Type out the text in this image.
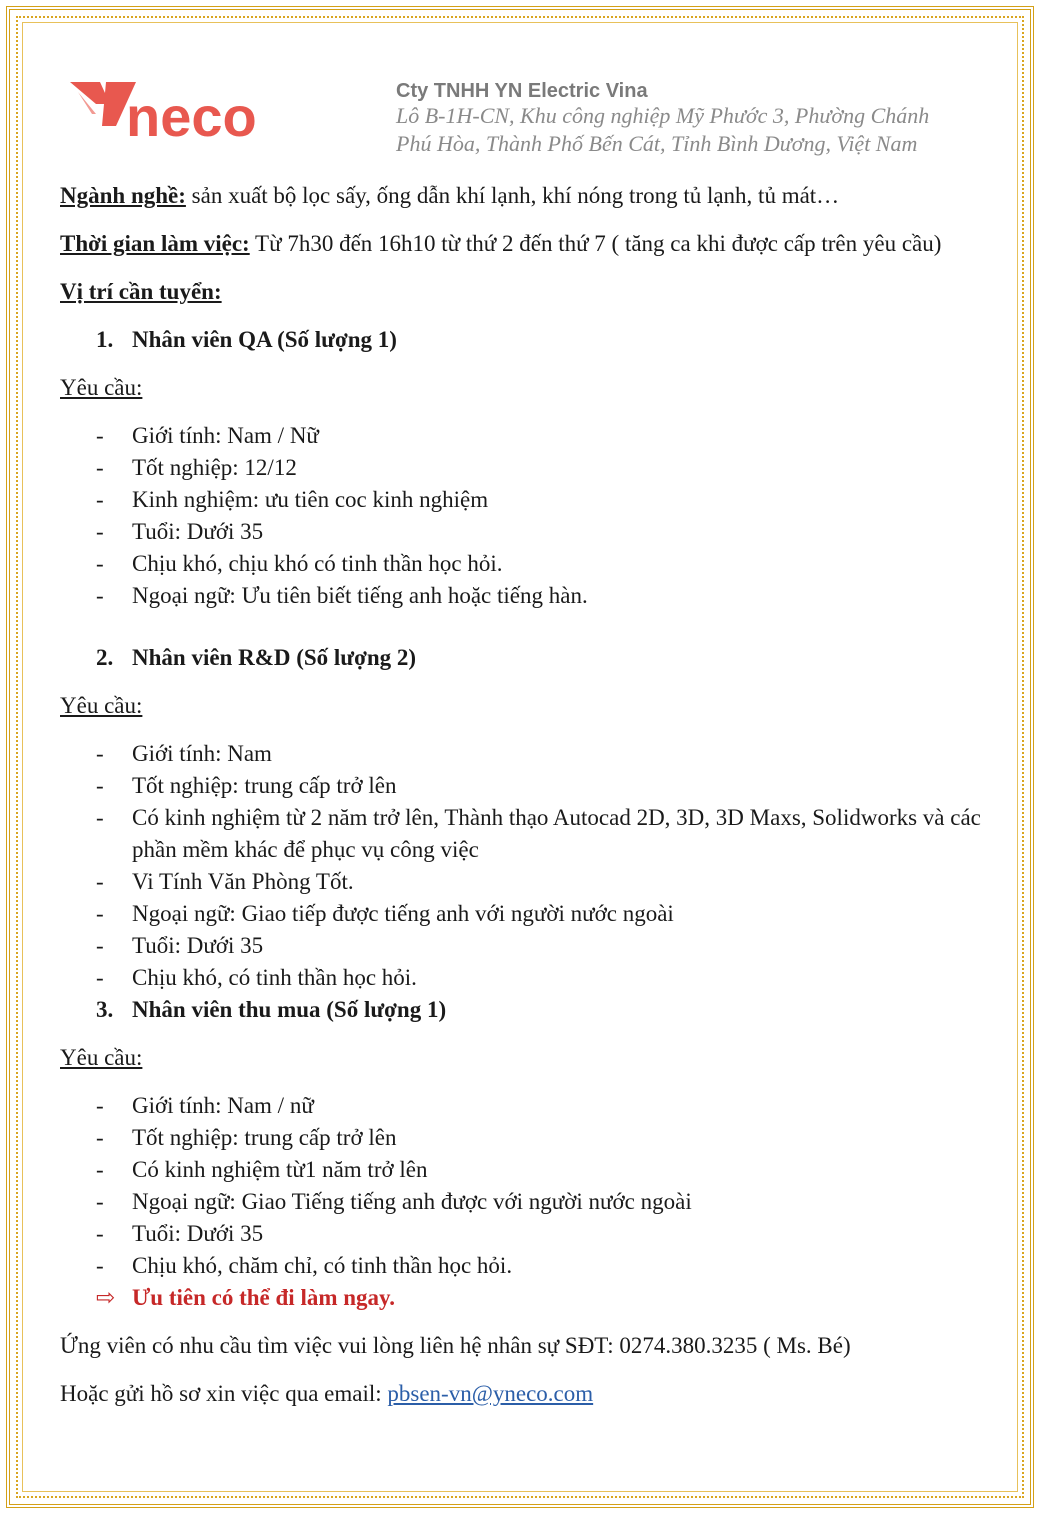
neco	Cty TNHH YN Electric Vina
Lô B-1H-CN, Khu công nghiệp Mỹ Phước 3, Phường Chánh
Phú Hòa, Thành Phố Bến Cát, Tỉnh Bình Dương, Việt Nam

Ngành nghề: sản xuất bộ lọc sấy, ống dẫn khí lạnh, khí nóng trong tủ lạnh, tủ mát…

Thời gian làm việc: Từ 7h30 đến 16h10 từ thứ 2 đến thứ 7 ( tăng ca khi được cấp trên yêu cầu)

Vị trí cần tuyển:

1. Nhân viên QA (Số lượng 1)

Yêu cầu:

- Giới tính: Nam / Nữ
- Tốt nghiệp: 12/12
- Kinh nghiệm: ưu tiên coc kinh nghiệm
- Tuổi: Dưới 35
- Chịu khó, chịu khó có tinh thần học hỏi.
- Ngoại ngữ: Ưu tiên biết tiếng anh hoặc tiếng hàn.

2. Nhân viên R&D (Số lượng 2)

Yêu cầu:

- Giới tính: Nam
- Tốt nghiệp: trung cấp trở lên
- Có kinh nghiệm từ 2 năm trở lên, Thành thạo Autocad 2D, 3D, 3D Maxs, Solidworks và các phần mềm khác để phục vụ công việc
- Vi Tính Văn Phòng Tốt.
- Ngoại ngữ: Giao tiếp được tiếng anh với người nước ngoài
- Tuổi: Dưới 35
- Chịu khó, có tinh thần học hỏi.

3. Nhân viên thu mua (Số lượng 1)

Yêu cầu:

- Giới tính: Nam / nữ
- Tốt nghiệp: trung cấp trở lên
- Có kinh nghiệm từ1 năm trở lên
- Ngoại ngữ: Giao Tiếng tiếng anh được với người nước ngoài
- Tuổi: Dưới 35
- Chịu khó, chăm chỉ, có tinh thần học hỏi.

⇨ Ưu tiên có thể đi làm ngay.

Ứng viên có nhu cầu tìm việc vui lòng liên hệ nhân sự SĐT: 0274.380.3235 ( Ms. Bé)

Hoặc gửi hồ sơ xin việc qua email: pbsen-vn@yneco.com
